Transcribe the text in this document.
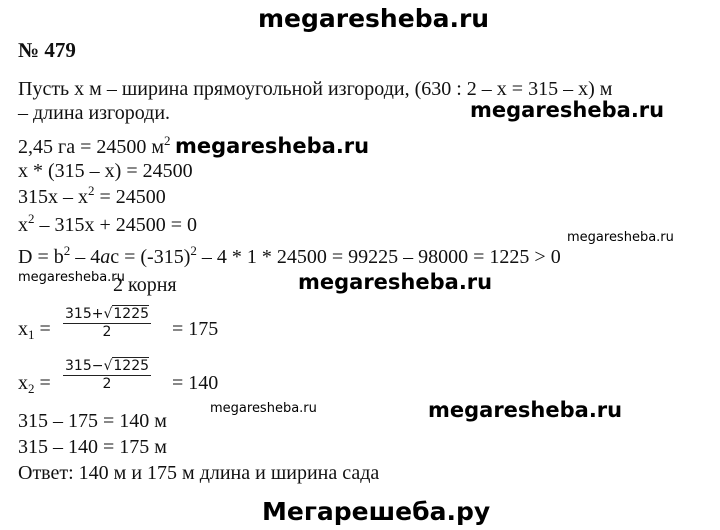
megaresheba.ru
megaresheba.ru
megaresheba.ru
megaresheba.ru
megaresheba.ru	megaresheba.ru
megaresheba.ru	megaresheba.ru
Мегарешеба.ру
№ 479
Пусть х м – ширина прямоугольной изгороди, (630 : 2 – х = 315 – х) м
– длина изгороди.
2,45 га = 24500 $м^2$
х * (315 – х) = 24500
$315х - х^2 = 24500$
$х^2 - 315х + 24500 = 0$
$D = b^2 - 4ac = (-315)^2 - 4 * 1 * 24500 = 99225 - 98000 = 1225 > 0$
2 корня
$х_1 = \frac{315+√1225}{2} = 175$
$х_2 = \frac{315-√1225}{2} = 140$
315 – 175 = 140 м
315 – 140 = 175 м
Ответ: 140 м и 175 м длина и ширина сада
